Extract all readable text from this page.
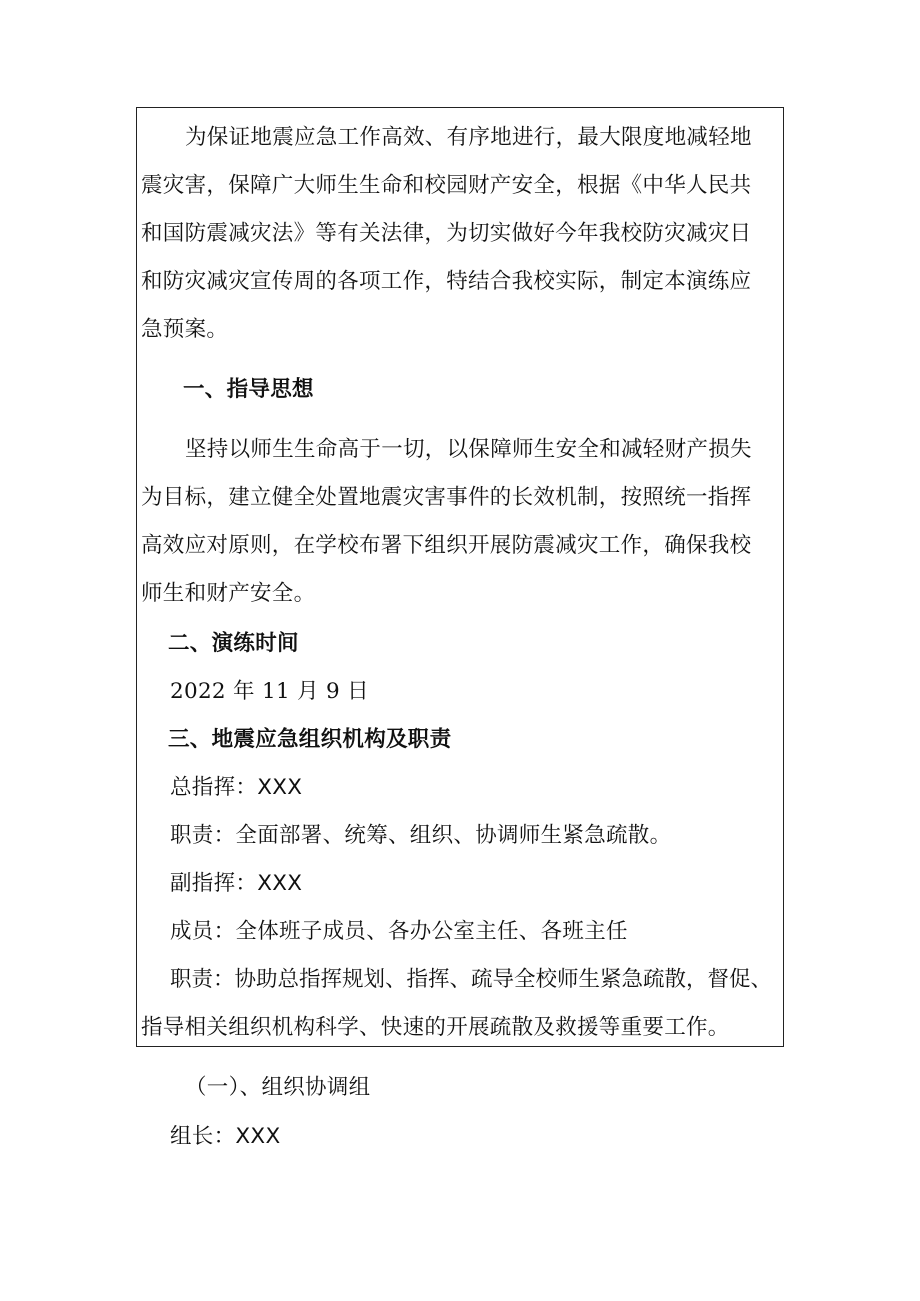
为保证地震应急工作高效、有序地进行，最大限度地减轻地
震灾害，保障广大师生生命和校园财产安全，根据《中华人民共
和国防震减灾法》等有关法律，为切实做好今年我校防灾减灾日
和防灾减灾宣传周的各项工作，特结合我校实际，制定本演练应
急预案。
一、指导思想
坚持以师生生命高于一切，以保障师生安全和减轻财产损失
为目标，建立健全处置地震灾害事件的长效机制，按照统一指挥
高效应对原则，在学校布署下组织开展防震减灾工作，确保我校
师生和财产安全。
二、演练时间
2022 年 11 月 9 日
三、地震应急组织机构及职责
总指挥：XXX
职责：全面部署、统筹、组织、协调师生紧急疏散。
副指挥：XXX
成员：全体班子成员、各办公室主任、各班主任
职责：协助总指挥规划、指挥、疏导全校师生紧急疏散，督促、
指导相关组织机构科学、快速的开展疏散及救援等重要工作。
（一）、组织协调组
组长：XXX
